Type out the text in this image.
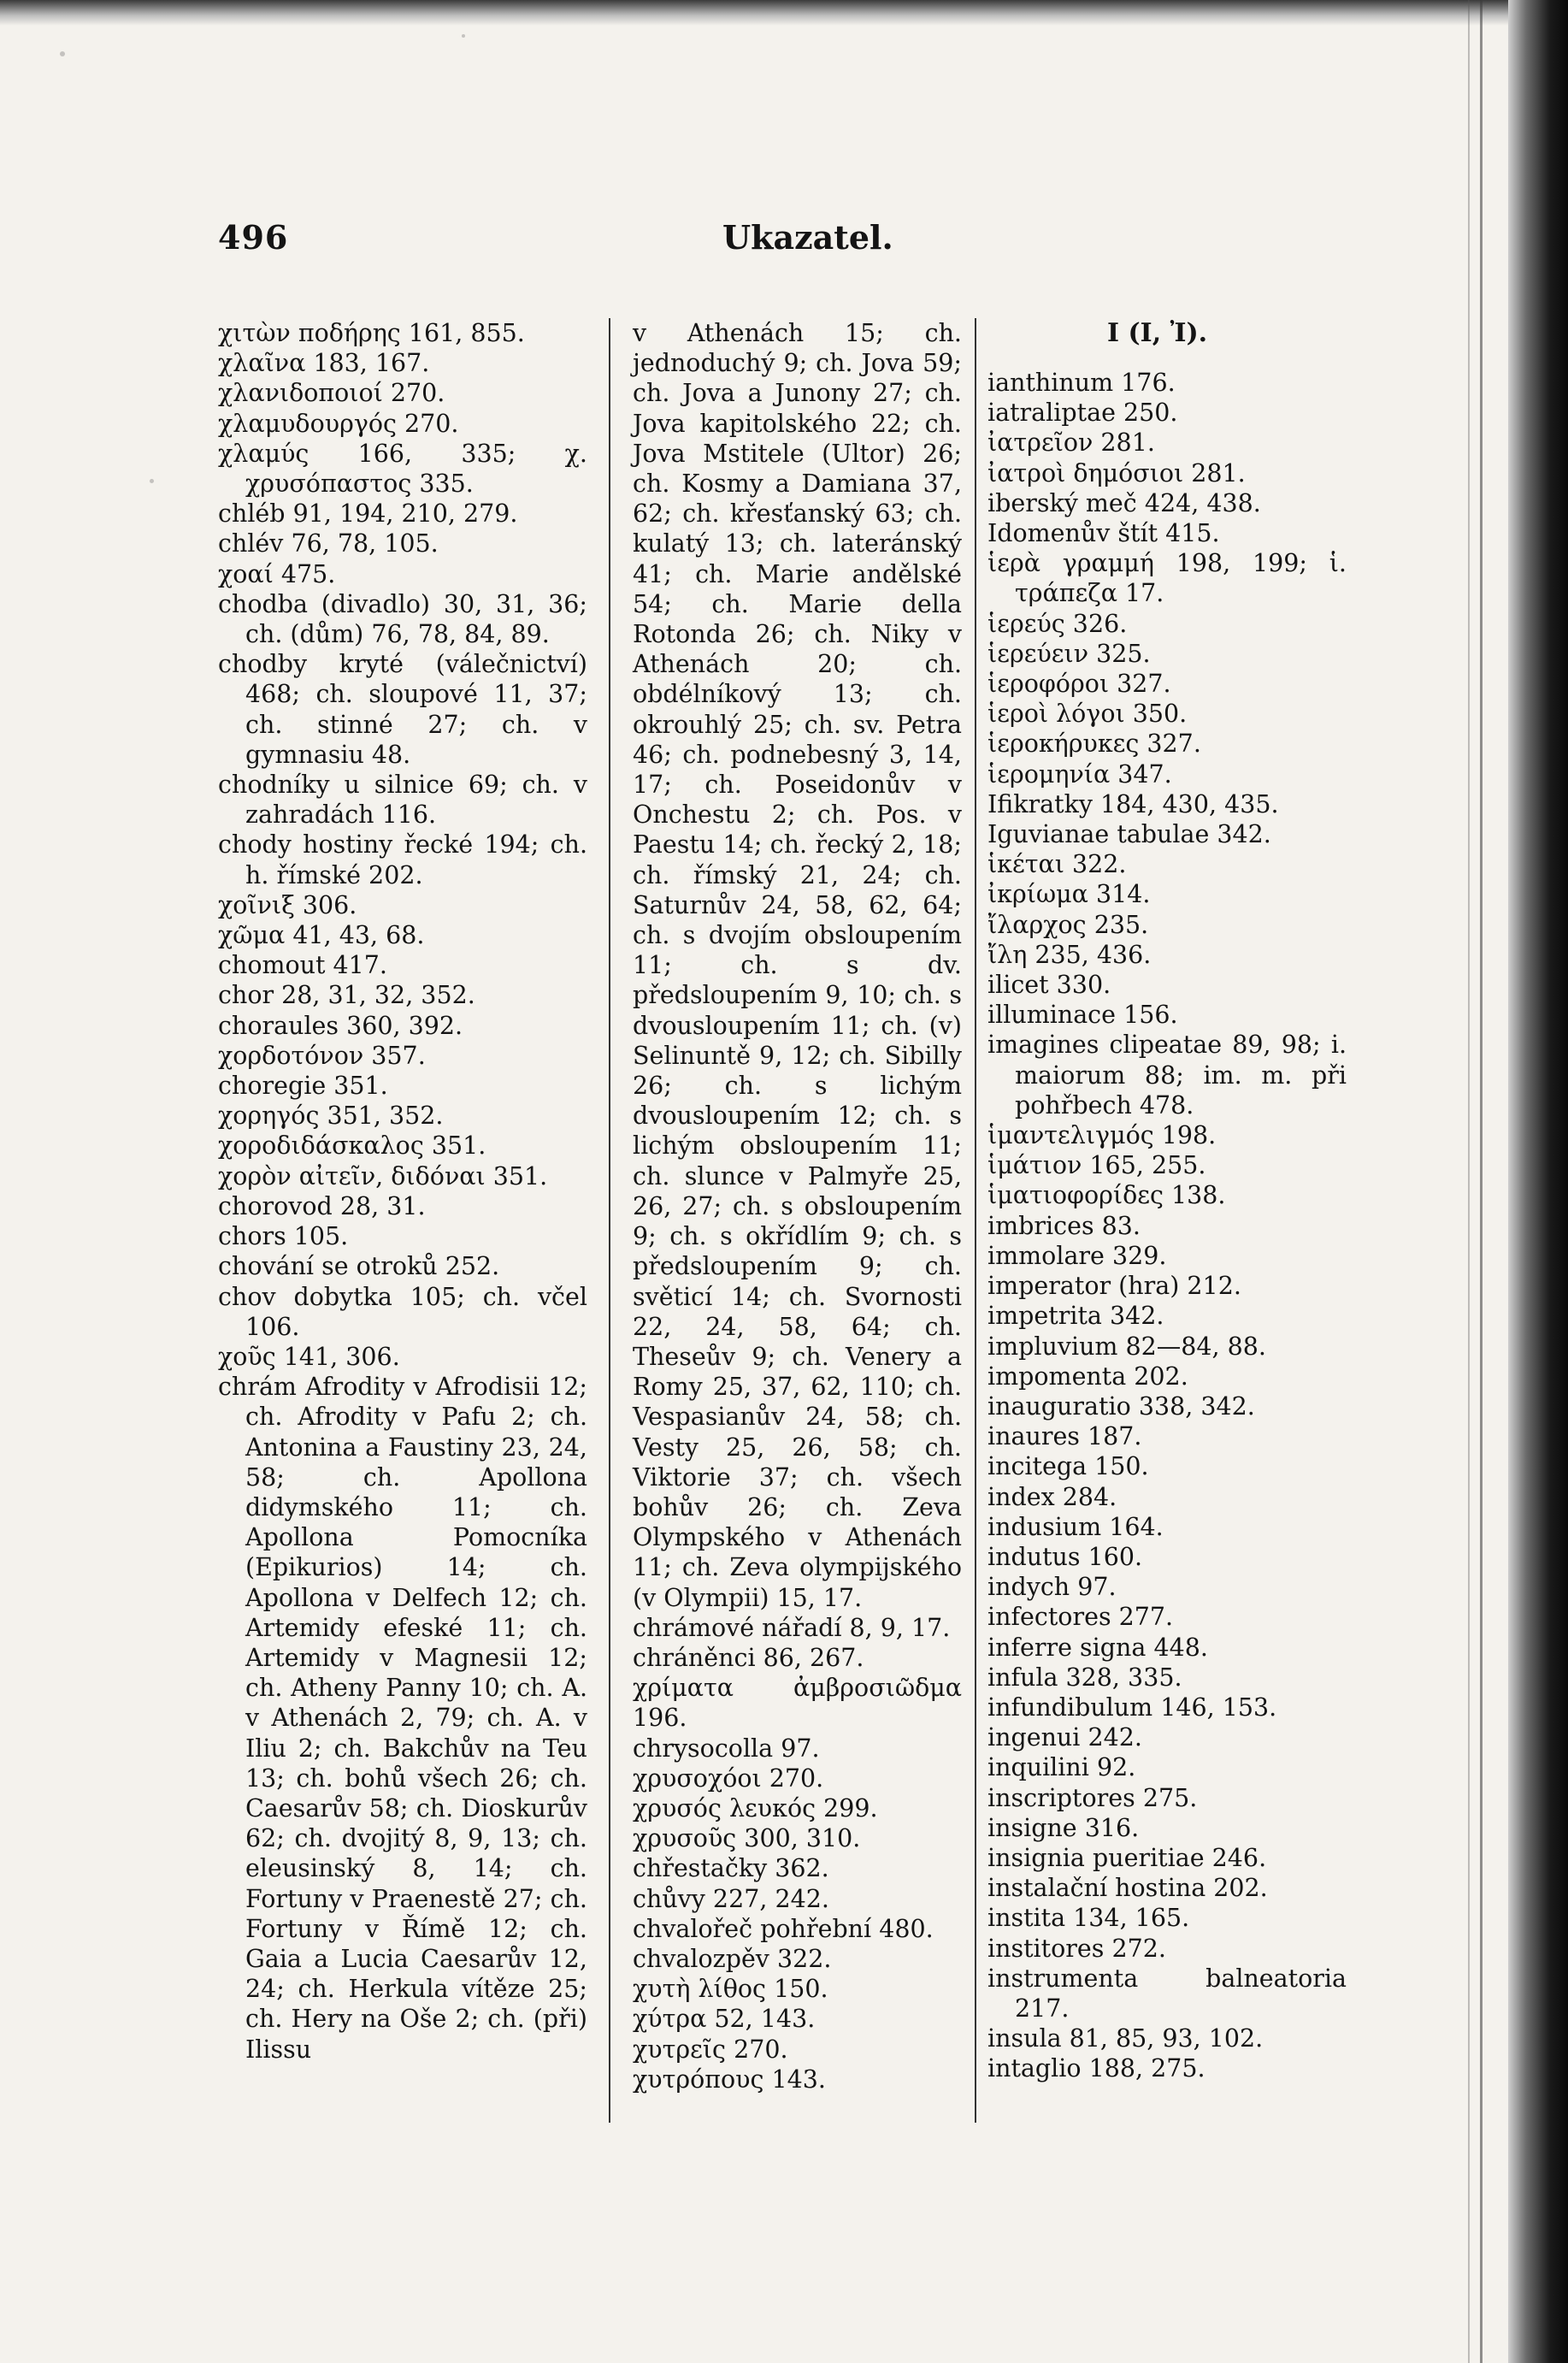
496	Ukazatel.
χιτὼν ποδήρης 161, 855.
χλαῖνα 183, 167.
χλανιδοποιοί 270.
χλαμυδουργός 270.
χλαμύς 166, 335; χ. χρυσόπαστος 335.
chléb 91, 194, 210, 279.
chlév 76, 78, 105.
χοαί 475.
chodba (divadlo) 30, 31, 36; ch. (dům) 76, 78, 84, 89.
chodby kryté (válečnictví) 468; ch. sloupové 11, 37; ch. stinné 27; ch. v gymnasiu 48.
chodníky u silnice 69; ch. v zahradách 116.
chody hostiny řecké 194; ch. h. římské 202.
χοῖνιξ 306.
χῶμα 41, 43, 68.
chomout 417.
chor 28, 31, 32, 352.
choraules 360, 392.
χορδοτόνον 357.
choregie 351.
χορηγός 351, 352.
χοροδιδάσκαλος 351.
χορὸν αἰτεῖν, διδόναι 351.
chorovod 28, 31.
chors 105.
chování se otroků 252.
chov dobytka 105; ch. včel 106.
χοῦς 141, 306.
chrám Afrodity v Afrodisii 12; ch. Afrodity v Pafu 2; ch. Antonina a Faustiny 23, 24, 58; ch. Apollona didymského 11; ch. Apollona Pomocníka (Epikurios) 14; ch. Apollona v Delfech 12; ch. Artemidy efeské 11; ch. Artemidy v Magnesii 12; ch. Atheny Panny 10; ch. A. v Athenách 2, 79; ch. A. v Iliu 2; ch. Bakchův na Teu 13; ch. bohů všech 26; ch. Caesarův 58; ch. Dioskurův 62; ch. dvojitý 8, 9, 13; ch. eleusinský 8, 14; ch. Fortuny v Praenestě 27; ch. Fortuny v Římě 12; ch. Gaia a Lucia Caesarův 12, 24; ch. Herkula vítěze 25; ch. Hery na Oše 2; ch. (při) Ilissu
v Athenách 15; ch. jednoduchý 9; ch. Jova 59; ch. Jova a Junony 27; ch. Jova kapitolského 22; ch. Jova Mstitele (Ultor) 26; ch. Kosmy a Damiana 37, 62; ch. křesťanský 63; ch. kulatý 13; ch. lateránský 41; ch. Marie andělské 54; ch. Marie della Rotonda 26; ch. Niky v Athenách 20; ch. obdélníkový 13; ch. okrouhlý 25; ch. sv. Petra 46; ch. podnebesný 3, 14, 17; ch. Poseidonův v Onchestu 2; ch. Pos. v Paestu 14; ch. řecký 2, 18; ch. římský 21, 24; ch. Saturnův 24, 58, 62, 64; ch. s dvojím obsloupením 11; ch. s dv. předsloupením 9, 10; ch. s dvousloupením 11; ch. (v) Selinuntě 9, 12; ch. Sibilly 26; ch. s lichým dvousloupením 12; ch. s lichým obsloupením 11; ch. slunce v Palmyře 25, 26, 27; ch. s obsloupením 9; ch. s okřídlím 9; ch. s předsloupením 9; ch. světicí 14; ch. Svornosti 22, 24, 58, 64; ch. Theseův 9; ch. Venery a Romy 25, 37, 62, 110; ch. Vespasianův 24, 58; ch. Vesty 25, 26, 58; ch. Viktorie 37; ch. všech bohův 26; ch. Zeva Olympského v Athenách 11; ch. Zeva olympijského (v Olympii) 15, 17.
chrámové nářadí 8, 9, 17.
chráněnci 86, 267.
χρίματα ἀμβροσιῶδμα 196.
chrysocolla 97.
χρυσοχόοι 270.
χρυσός λευκός 299.
χρυσοῦς 300, 310.
chřestačky 362.
chůvy 227, 242.
chvalořeč pohřební 480.
chvalozpěv 322.
χυτὴ λίθος 150.
χύτρα 52, 143.
χυτρεῖς 270.
χυτρόπους 143.
I (Ι, Ἰ).
ianthinum 176.
iatraliptae 250.
ἰατρεῖον 281.
ἰατροὶ δημόσιοι 281.
iberský meč 424, 438.
Idomenův štít 415.
ἱερὰ γραμμή 198, 199; ἱ. τράπεζα 17.
ἱερεύς 326.
ἱερεύειν 325.
ἱεροφόροι 327.
ἱεροὶ λόγοι 350.
ἱεροκήρυκες 327.
ἱερομηνία 347.
Ifikratky 184, 430, 435.
Iguvianae tabulae 342.
ἱκέται 322.
ἰκρίωμα 314.
ἴλαρχος 235.
ἴλη 235, 436.
ilicet 330.
illuminace 156.
imagines clipeatae 89, 98; i. maiorum 88; im. m. při pohřbech 478.
ἱμαντελιγμός 198.
ἱμάτιον 165, 255.
ἱματιοφορίδες 138.
imbrices 83.
immolare 329.
imperator (hra) 212.
impetrita 342.
impluvium 82—84, 88.
impomenta 202.
inauguratio 338, 342.
inaures 187.
incitega 150.
index 284.
indusium 164.
indutus 160.
indych 97.
infectores 277.
inferre signa 448.
infula 328, 335.
infundibulum 146, 153.
ingenui 242.
inquilini 92.
inscriptores 275.
insigne 316.
insignia pueritiae 246.
instalační hostina 202.
instita 134, 165.
institores 272.
instrumenta balneatoria 217.
insula 81, 85, 93, 102.
intaglio 188, 275.
